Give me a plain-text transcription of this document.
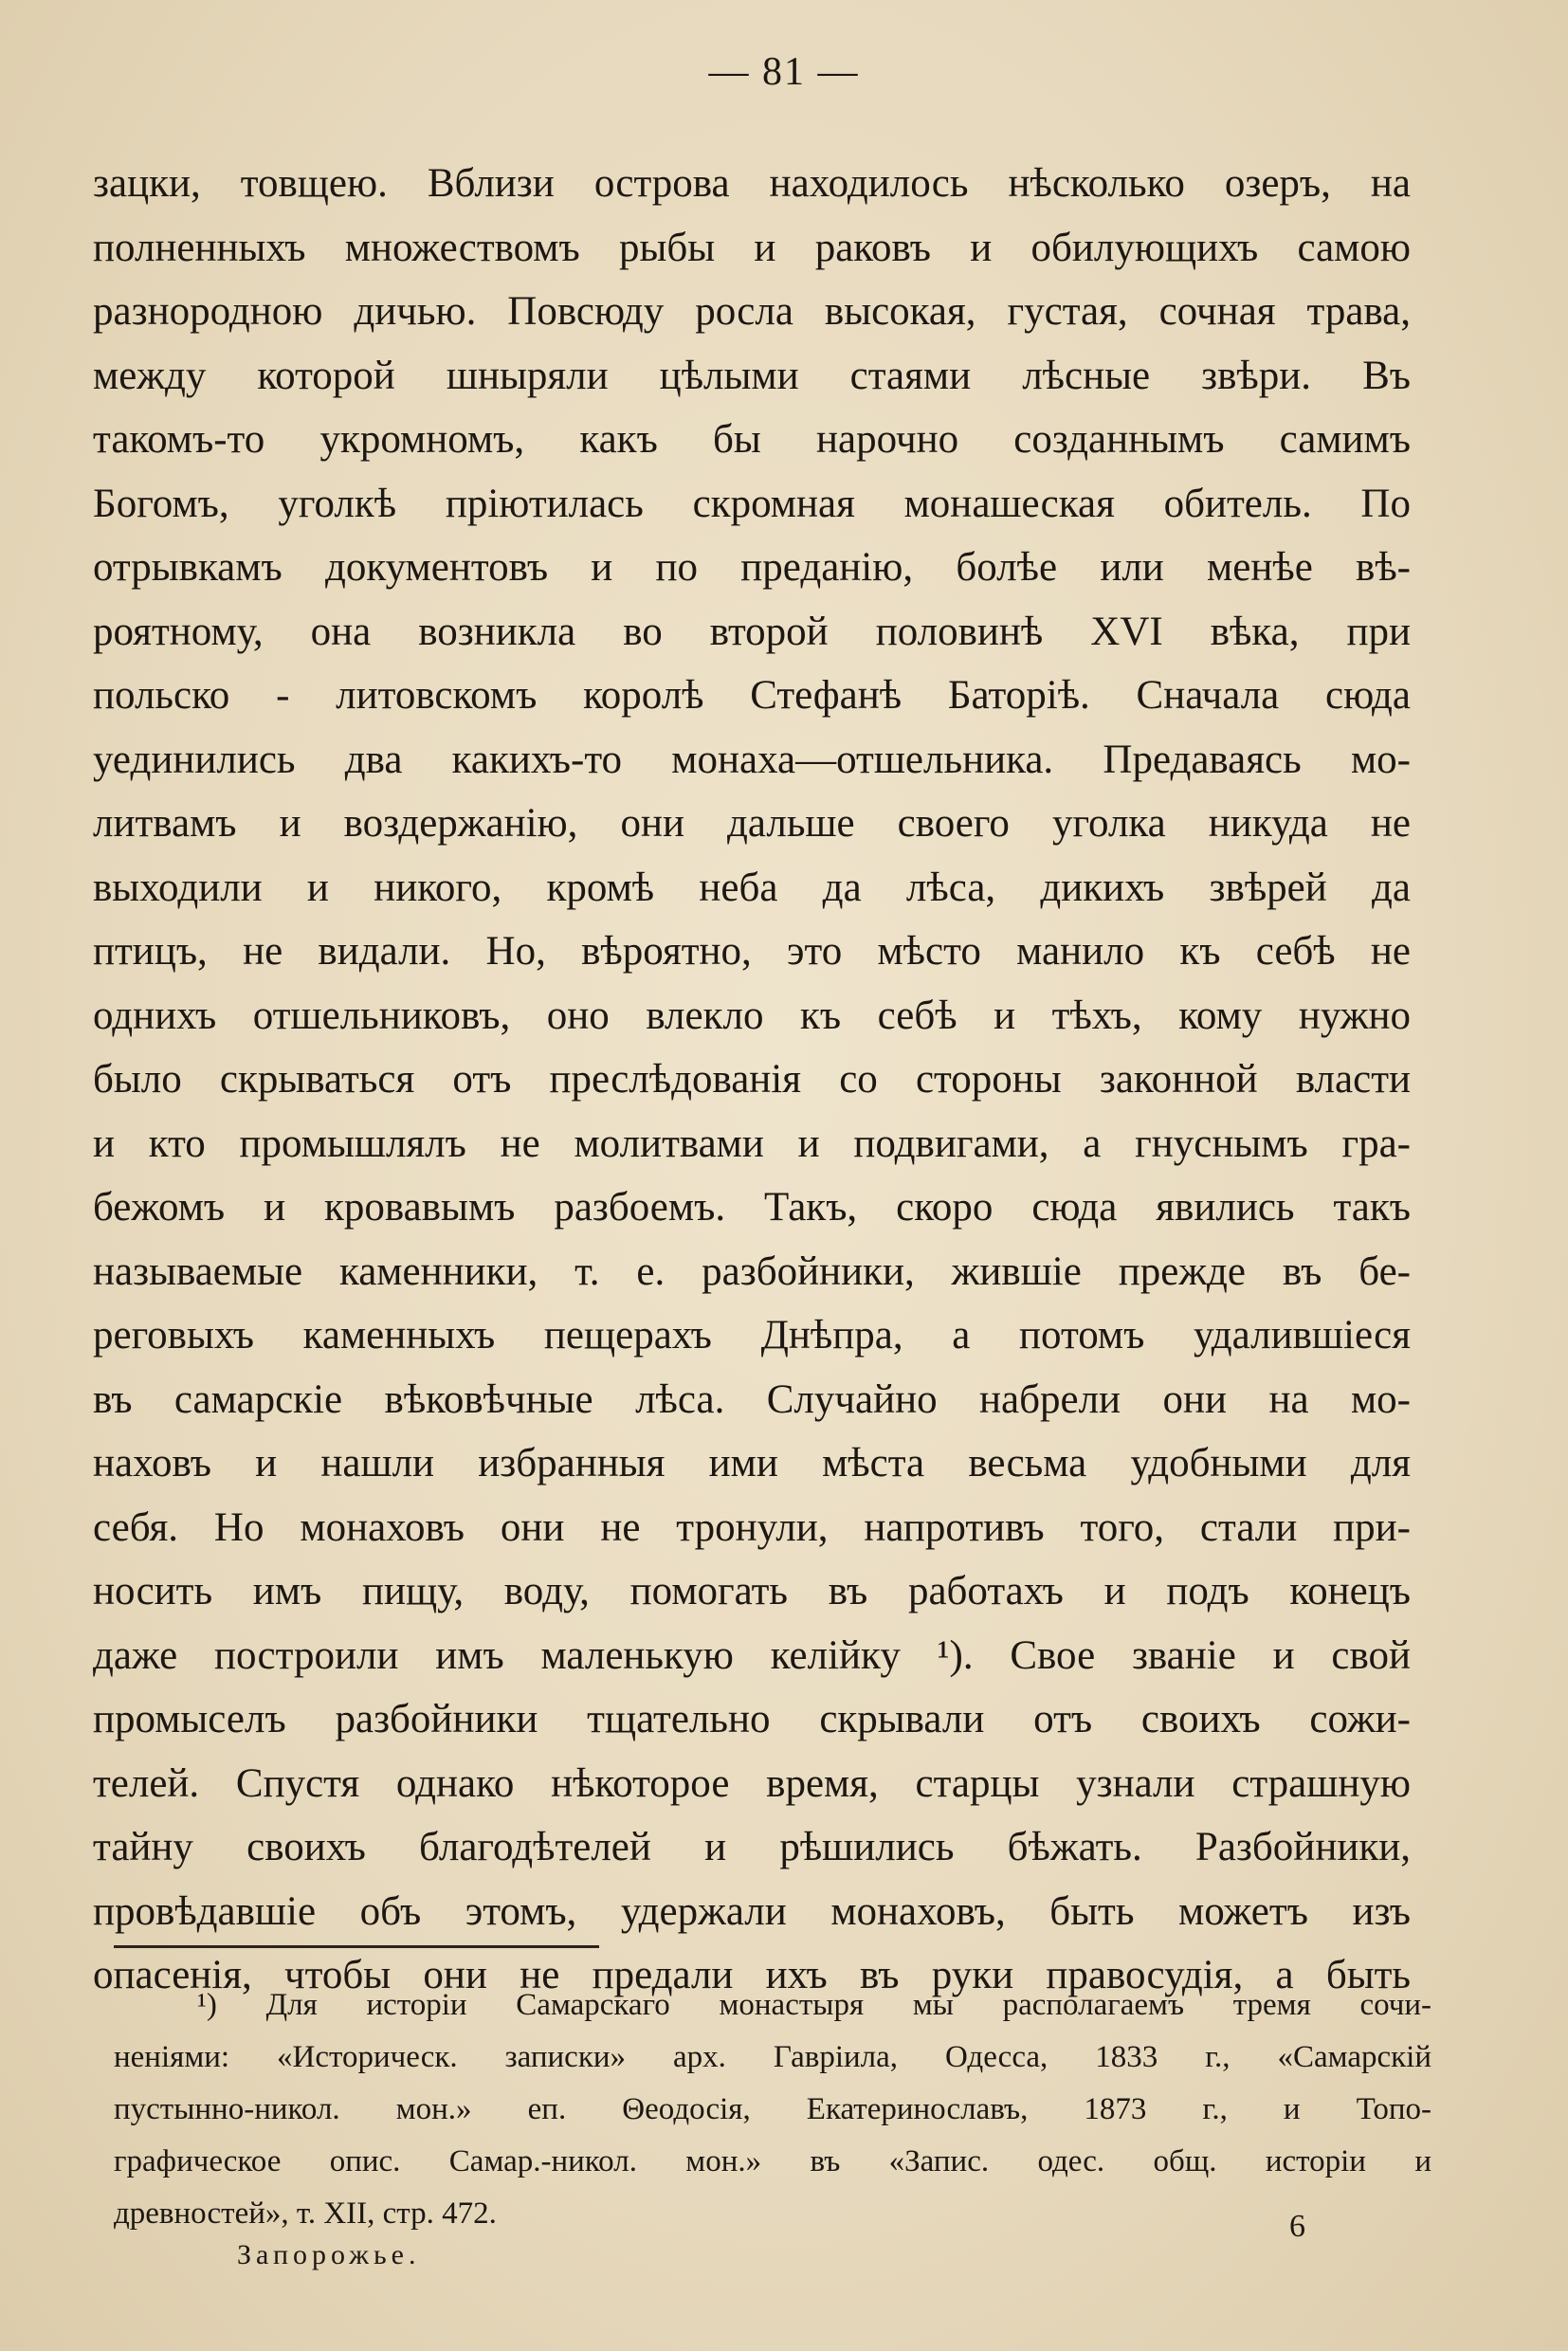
— 81 —
зацки, товщею. Вблизи острова находилось нѣсколько озеръ, на
полненныхъ множествомъ рыбы и раковъ и обилующихъ самою
разнородною дичью. Повсюду росла высокая, густая, сочная трава,
между которой шныряли цѣлыми стаями лѣсные звѣри. Въ
такомъ-то укромномъ, какъ бы нарочно созданнымъ самимъ
Богомъ, уголкѣ пріютилась скромная монашеская обитель. По
отрывкамъ документовъ и по преданію, болѣе или менѣе вѣ-
роятному, она возникла во второй половинѣ XVI вѣка, при
польско - литовскомъ королѣ Стефанѣ Баторіѣ. Сначала сюда
уединились два какихъ-то монаха—отшельника. Предаваясь мо-
литвамъ и воздержанію, они дальше своего уголка никуда не
выходили и никого, кромѣ неба да лѣса, дикихъ звѣрей да
птицъ, не видали. Но, вѣроятно, это мѣсто манило къ себѣ не
однихъ отшельниковъ, оно влекло къ себѣ и тѣхъ, кому нужно
было скрываться отъ преслѣдованія со стороны законной власти
и кто промышлялъ не молитвами и подвигами, а гнуснымъ гра-
бежомъ и кровавымъ разбоемъ. Такъ, скоро сюда явились такъ
называемые каменники, т. е. разбойники, жившіе прежде въ бе-
реговыхъ каменныхъ пещерахъ Днѣпра, а потомъ удалившіеся
въ самарскіе вѣковѣчные лѣса. Случайно набрели они на мо-
наховъ и нашли избранныя ими мѣста весьма удобными для
себя. Но монаховъ они не тронули, напротивъ того, стали при-
носить имъ пищу, воду, помогать въ работахъ и подъ конецъ
даже построили имъ маленькую келійку ¹). Свое званіе и свой
промыселъ разбойники тщательно скрывали отъ своихъ сожи-
телей. Спустя однако нѣкоторое время, старцы узнали страшную
тайну своихъ благодѣтелей и рѣшились бѣжать. Разбойники,
провѣдавшіе объ этомъ, удержали монаховъ, быть можетъ изъ
опасенія, чтобы они не предали ихъ въ руки правосудія, а быть
¹) Для исторіи Самарскаго монастыря мы располагаемъ тремя сочи-
неніями: «Историческ. записки» арх. Гавріила, Одесса, 1833 г., «Самарскій
пустынно-никол. мон.» еп. Θеодосія, Екатеринославъ, 1873 г., и Топо-
графическое опис. Самар.-никол. мон.» въ «Запис. одес. общ. исторіи и
древностей», т. XII, стр. 472.
Запорожье.
6
